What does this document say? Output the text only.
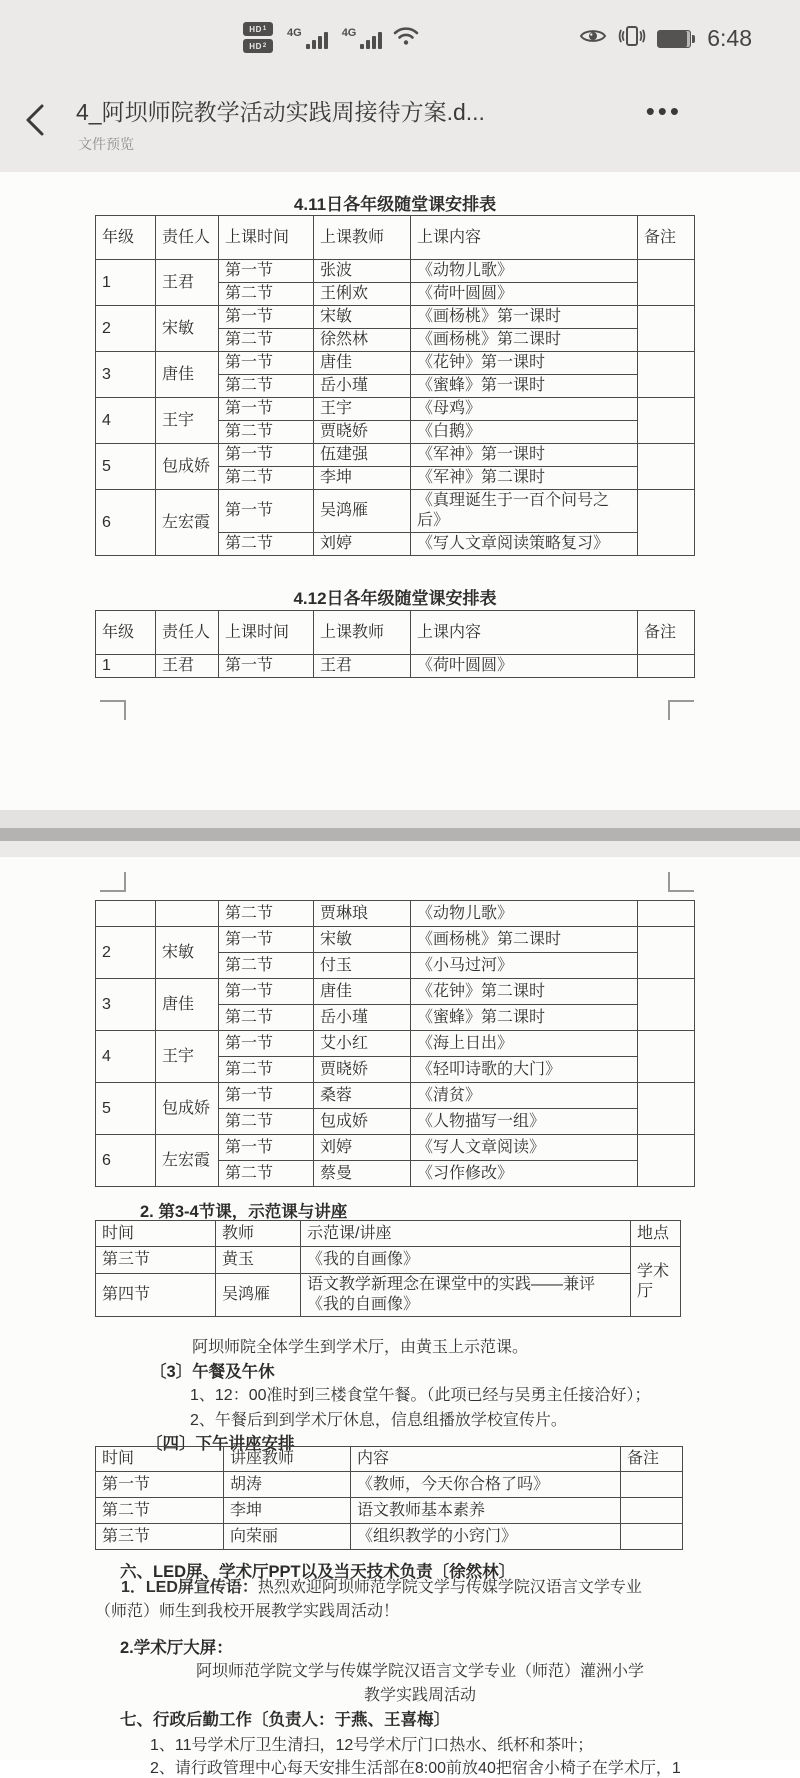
HD 1
HD 2
4G	4G	6:48
4_阿坝师院教学活动实践周接待方案.d...	•••
文件预览
4.11日各年级随堂课安排表
年级	责任人	上课时间	上课教师	上课内容	备注
1	王君	第一节	张波	《动物儿歌》	
		第二节	王俐欢	《荷叶圆圆》	
2	宋敏	第一节	宋敏	《画杨桃》第一课时	
		第二节	徐然林	《画杨桃》第二课时	
3	唐佳	第一节	唐佳	《花钟》第一课时	
		第二节	岳小瑾	《蜜蜂》第一课时	
4	王宇	第一节	王宇	《母鸡》	
		第二节	贾晓娇	《白鹅》	
5	包成娇	第一节	伍建强	《军神》第一课时	
		第二节	李坤	《军神》第二课时	
6	左宏霞	第一节	吴鸿雁	《真理诞生于一百个问号之后》	
		第二节	刘婷	《写人文章阅读策略复习》	
4.12日各年级随堂课安排表
年级	责任人	上课时间	上课教师	上课内容	备注
1	王君	第一节	王君	《荷叶圆圆》	
		第二节	贾琳琅	《动物儿歌》	
2	宋敏	第一节	宋敏	《画杨桃》第二课时	
		第二节	付玉	《小马过河》	
3	唐佳	第一节	唐佳	《花钟》第二课时	
		第二节	岳小瑾	《蜜蜂》第二课时	
4	王宇	第一节	艾小红	《海上日出》	
		第二节	贾晓娇	《轻叩诗歌的大门》	
5	包成娇	第一节	桑蓉	《清贫》	
		第二节	包成娇	《人物描写一组》	
6	左宏霞	第一节	刘婷	《写人文章阅读》	
		第二节	蔡曼	《习作修改》	
2. 第3-4节课，示范课与讲座
时间	教师	示范课/讲座	地点
第三节	黄玉	《我的自画像》	学术厅
第四节	吴鸿雁	语文教学新理念在课堂中的实践——兼评《我的自画像》	
阿坝师院全体学生到学术厅，由黄玉上示范课。
〔3〕午餐及午休
1、12：00准时到三楼食堂午餐。（此项已经与吴勇主任接洽好）；
2、午餐后到到学术厅休息，信息组播放学校宣传片。
〔四〕下午讲座安排
时间	讲座教师	内容	备注
第一节	胡涛	《教师，今天你合格了吗》	
第二节	李坤	语文教师基本素养	
第三节	向荣丽	《组织教学的小窍门》	
六、LED屏、学术厅PPT以及当天技术负责〔徐然林〕

1．LED屏宣传语：热烈欢迎阿坝师范学院文学与传媒学院汉语言文学专业（师范）师生到我校开展教学实践周活动！

2.学术厅大屏：
阿坝师范学院文学与传媒学院汉语言文学专业（师范）灌洲小学
教学实践周活动
七、行政后勤工作〔负责人：于燕、王喜梅〕
1、11号学术厅卫生清扫，12号学术厅门口热水、纸杯和茶叶；
2、请行政管理中心每天安排生活部在8:00前放40把宿舍小椅子在学术厅，1
